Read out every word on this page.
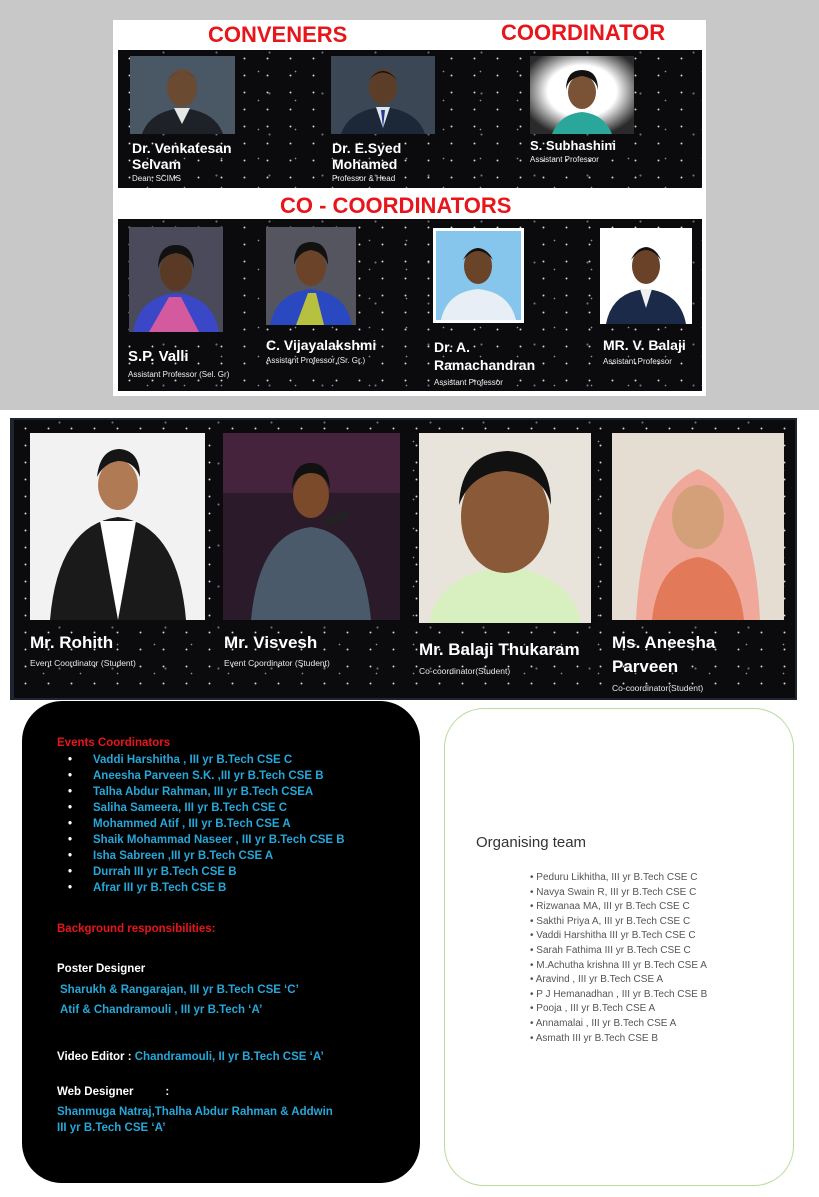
CONVENERS	COORDINATOR
Dr. Venkatesan
Selvam
Dean, SCIMS
Dr. E.Syed
Mohamed
Professor & Head
S. Subhashini
Assistant Professor
CO - COORDINATORS
S.P. Valli
Assistant Professor (Sel. Gr)
C. Vijayalakshmi
Assistant Professor (Sr. Gr.)
Dr. A.
Ramachandran
Assistant Professor
MR. V. Balaji
Assistant Professor
Mr. Rohith
Event Coordinator (Student)
Mr. Visvesh
Event Coordinator (Student)
Mr. Balaji Thukaram
Co-coordinator(Student)
Ms. Aneesha
Parveen
Co-coordinator(Student)
Events Coordinators
• Vaddi Harshitha , III yr B.Tech CSE C
• Aneesha Parveen S.K. ,III yr B.Tech CSE B
• Talha Abdur Rahman, III yr B.Tech CSEA
• Saliha Sameera, III yr B.Tech CSE C
• Mohammed Atif , III yr B.Tech CSE A
• Shaik Mohammad Naseer , III yr B.Tech CSE B
• Isha Sabreen ,III yr B.Tech CSE A
• Durrah III yr B.Tech CSE B
• Afrar III yr B.Tech CSE B
Background responsibilities:
Poster Designer
Sharukh & Rangarajan, III yr B.Tech CSE ‘C’
Atif & Chandramouli , III yr B.Tech ‘A’
Video Editor : Chandramouli, II yr B.Tech CSE ‘A’
Web Designer          :
Shanmuga Natraj,Thalha Abdur Rahman & Addwin
III yr B.Tech CSE ‘A’
Organising team
• Peduru Likhitha, III yr B.Tech CSE C
• Navya Swain R, III yr B.Tech CSE C
• Rizwanaa MA, III yr B.Tech CSE C
• Sakthi Priya A, III yr B.Tech CSE C
• Vaddi Harshitha III yr B.Tech CSE C
• Sarah Fathima III yr B.Tech CSE C
• M.Achutha krishna III yr B.Tech CSE A
• Aravind , III yr B.Tech CSE A
• P J Hemanadhan , III yr B.Tech CSE B
• Pooja , III yr B.Tech CSE A
• Annamalai , III yr B.Tech CSE A
• Asmath III yr B.Tech CSE B
